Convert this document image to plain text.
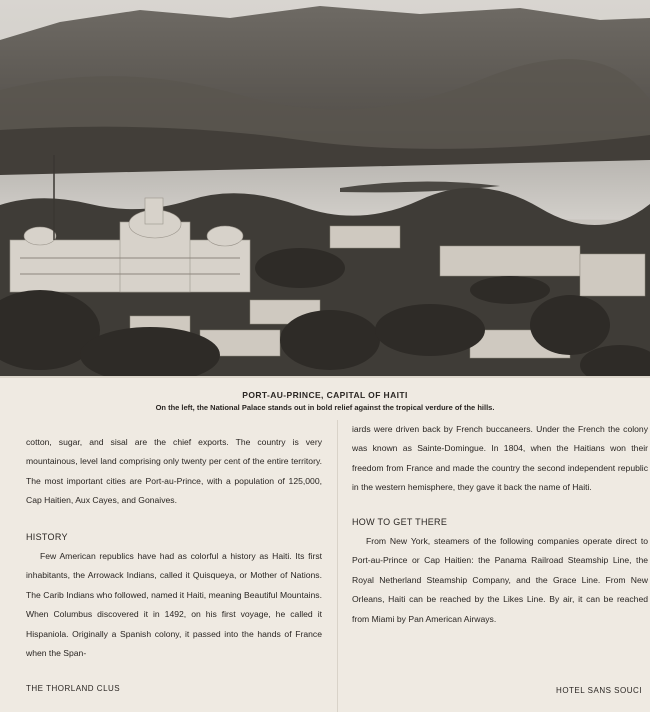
PORT-AU-PRINCE, CAPITAL OF HAITI
On the left, the National Palace stands out in bold relief against the tropical verdure of the hills.

cotton, sugar, and sisal are the chief exports. The country is very mountainous, level land comprising only twenty per cent of the entire territory. The most important cities are Port-au-Prince, with a population of 125,000, Cap Haitien, Aux Cayes, and Gonaives.

HISTORY

Few American republics have had as colorful a history as Haiti. Its first inhabitants, the Arrowack Indians, called it Quisqueya, or Mother of Nations. The Carib Indians who followed, named it Haiti, meaning Beautiful Mountains. When Columbus discovered it in 1492, on his first voyage, he called it Hispaniola. Originally a Spanish colony, it passed into the hands of France when the Span-

iards were driven back by French buccaneers. Under the French the colony was known as Sainte-Domingue. In 1804, when the Haitians won their freedom from France and made the country the second independent republic in the western hemisphere, they gave it back the name of Haiti.

HOW TO GET THERE

From New York, steamers of the following companies operate direct to Port-au-Prince or Cap Haitien: the Panama Railroad Steamship Line, the Royal Netherland Steamship Company, and the Grace Line. From New Orleans, Haiti can be reached by the Likes Line. By air, it can be reached from Miami by Pan American Airways.

THE THORLAND CLUS	HOTEL SANS SOUCI
